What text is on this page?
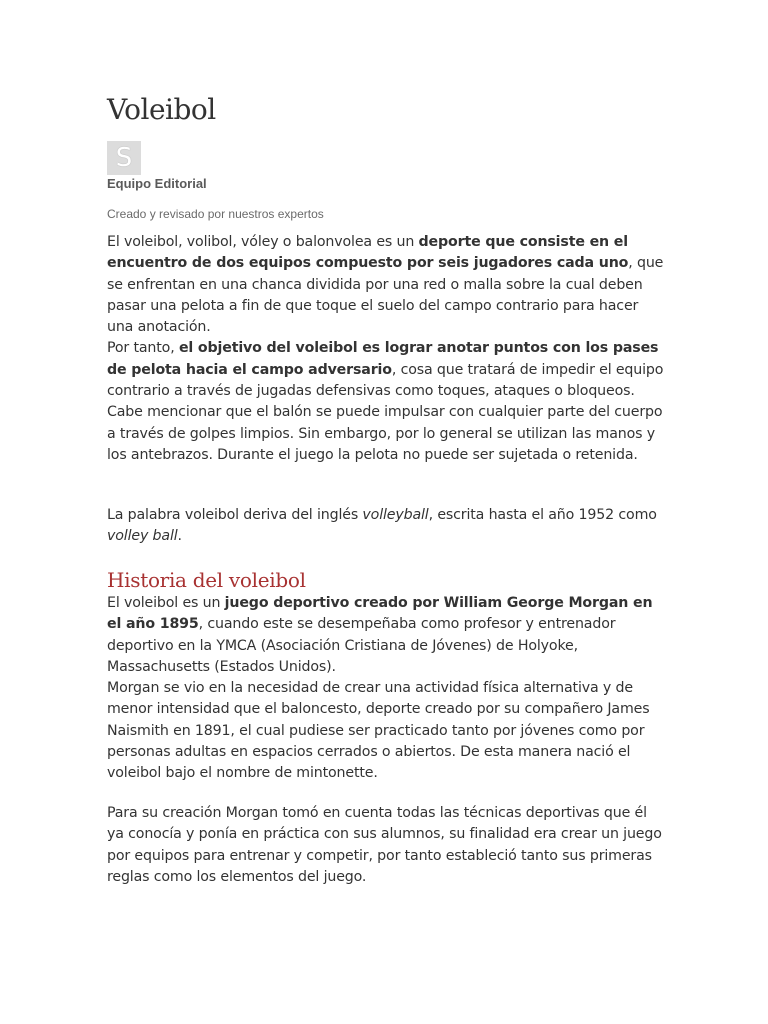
Voleibol
S
Equipo Editorial
Creado y revisado por nuestros expertos
El voleibol, volibol, vóley o balonvolea es un deporte que consiste en el encuentro de dos equipos compuesto por seis jugadores cada uno, que se enfrentan en una chanca dividida por una red o malla sobre la cual deben pasar una pelota a fin de que toque el suelo del campo contrario para hacer una anotación.
Por tanto, el objetivo del voleibol es lograr anotar puntos con los pases de pelota hacia el campo adversario, cosa que tratará de impedir el equipo contrario a través de jugadas defensivas como toques, ataques o bloqueos. Cabe mencionar que el balón se puede impulsar con cualquier parte del cuerpo a través de golpes limpios. Sin embargo, por lo general se utilizan las manos y los antebrazos. Durante el juego la pelota no puede ser sujetada o retenida.
La palabra voleibol deriva del inglés volleyball, escrita hasta el año 1952 como volley ball.
Historia del voleibol
El voleibol es un juego deportivo creado por William George Morgan en el año 1895, cuando este se desempeñaba como profesor y entrenador deportivo en la YMCA (Asociación Cristiana de Jóvenes) de Holyoke, Massachusetts (Estados Unidos).
Morgan se vio en la necesidad de crear una actividad física alternativa y de menor intensidad que el baloncesto, deporte creado por su compañero James Naismith en 1891, el cual pudiese ser practicado tanto por jóvenes como por personas adultas en espacios cerrados o abiertos. De esta manera nació el voleibol bajo el nombre de mintonette.
Para su creación Morgan tomó en cuenta todas las técnicas deportivas que él ya conocía y ponía en práctica con sus alumnos, su finalidad era crear un juego por equipos para entrenar y competir, por tanto estableció tanto sus primeras reglas como los elementos del juego.
